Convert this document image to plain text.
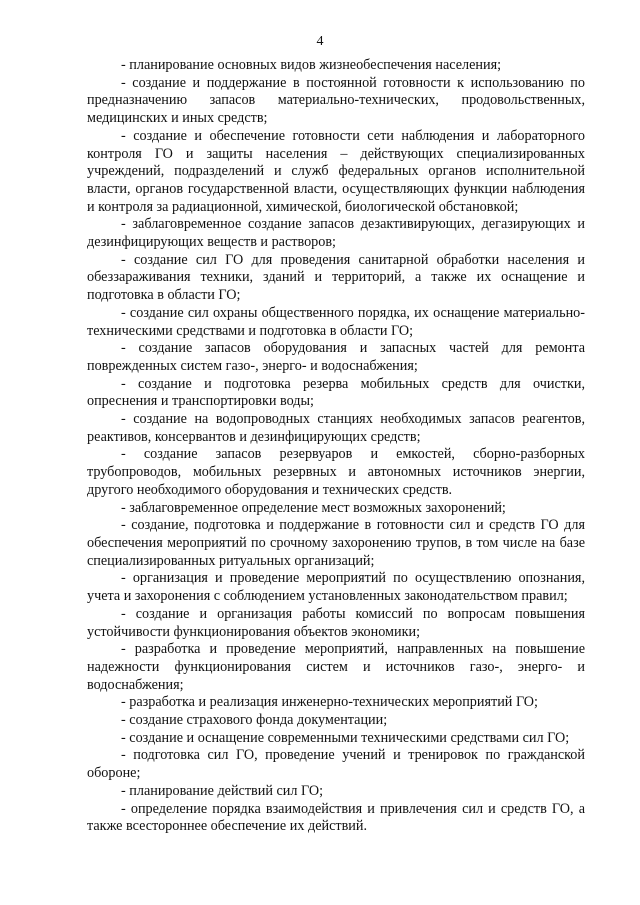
4

- планирование основных видов жизнеобеспечения населения;

- создание и поддержание в постоянной готовности к использованию по предназначению запасов материально-технических, продовольственных, медицинских и иных средств;

- создание и обеспечение готовности сети наблюдения и лабораторного контроля ГО и защиты населения – действующих специализированных учреждений, подразделений и служб федеральных органов исполнительной власти, органов государственной власти, осуществляющих функции наблюдения и контроля за радиационной, химической, биологической обстановкой;

- заблаговременное создание запасов дезактивирующих, дегазирующих и дезинфицирующих веществ и растворов;

- создание сил ГО для проведения санитарной обработки населения и обеззараживания техники, зданий и территорий, а также их оснащение и подготовка в области ГО;

- создание сил охраны общественного порядка, их оснащение материально-техническими средствами и подготовка в области ГО;

- создание запасов оборудования и запасных частей для ремонта поврежденных систем газо-, энерго- и водоснабжения;

- создание и подготовка резерва мобильных средств для очистки, опреснения и транспортировки воды;

- создание на водопроводных станциях необходимых запасов реагентов, реактивов, консервантов и дезинфицирующих средств;

- создание запасов резервуаров и емкостей, сборно-разборных трубопроводов, мобильных резервных и автономных источников энергии, другого необходимого оборудования и технических средств.

- заблаговременное определение мест возможных захоронений;

- создание, подготовка и поддержание в готовности сил и средств ГО для обеспечения мероприятий по срочному захоронению трупов, в том числе на базе специализированных ритуальных организаций;

- организация и проведение мероприятий по осуществлению опознания, учета и захоронения с соблюдением установленных законодательством правил;

- создание и организация работы комиссий по вопросам повышения устойчивости функционирования объектов экономики;

- разработка и проведение мероприятий, направленных на повышение надежности функционирования систем и источников газо-, энерго- и водоснабжения;

- разработка и реализация инженерно-технических мероприятий ГО;

- создание страхового фонда документации;

- создание и оснащение современными техническими средствами сил ГО;

- подготовка сил ГО, проведение учений и тренировок по гражданской обороне;

- планирование действий сил ГО;

- определение порядка взаимодействия и привлечения сил и средств ГО, а также всестороннее обеспечение их действий.
